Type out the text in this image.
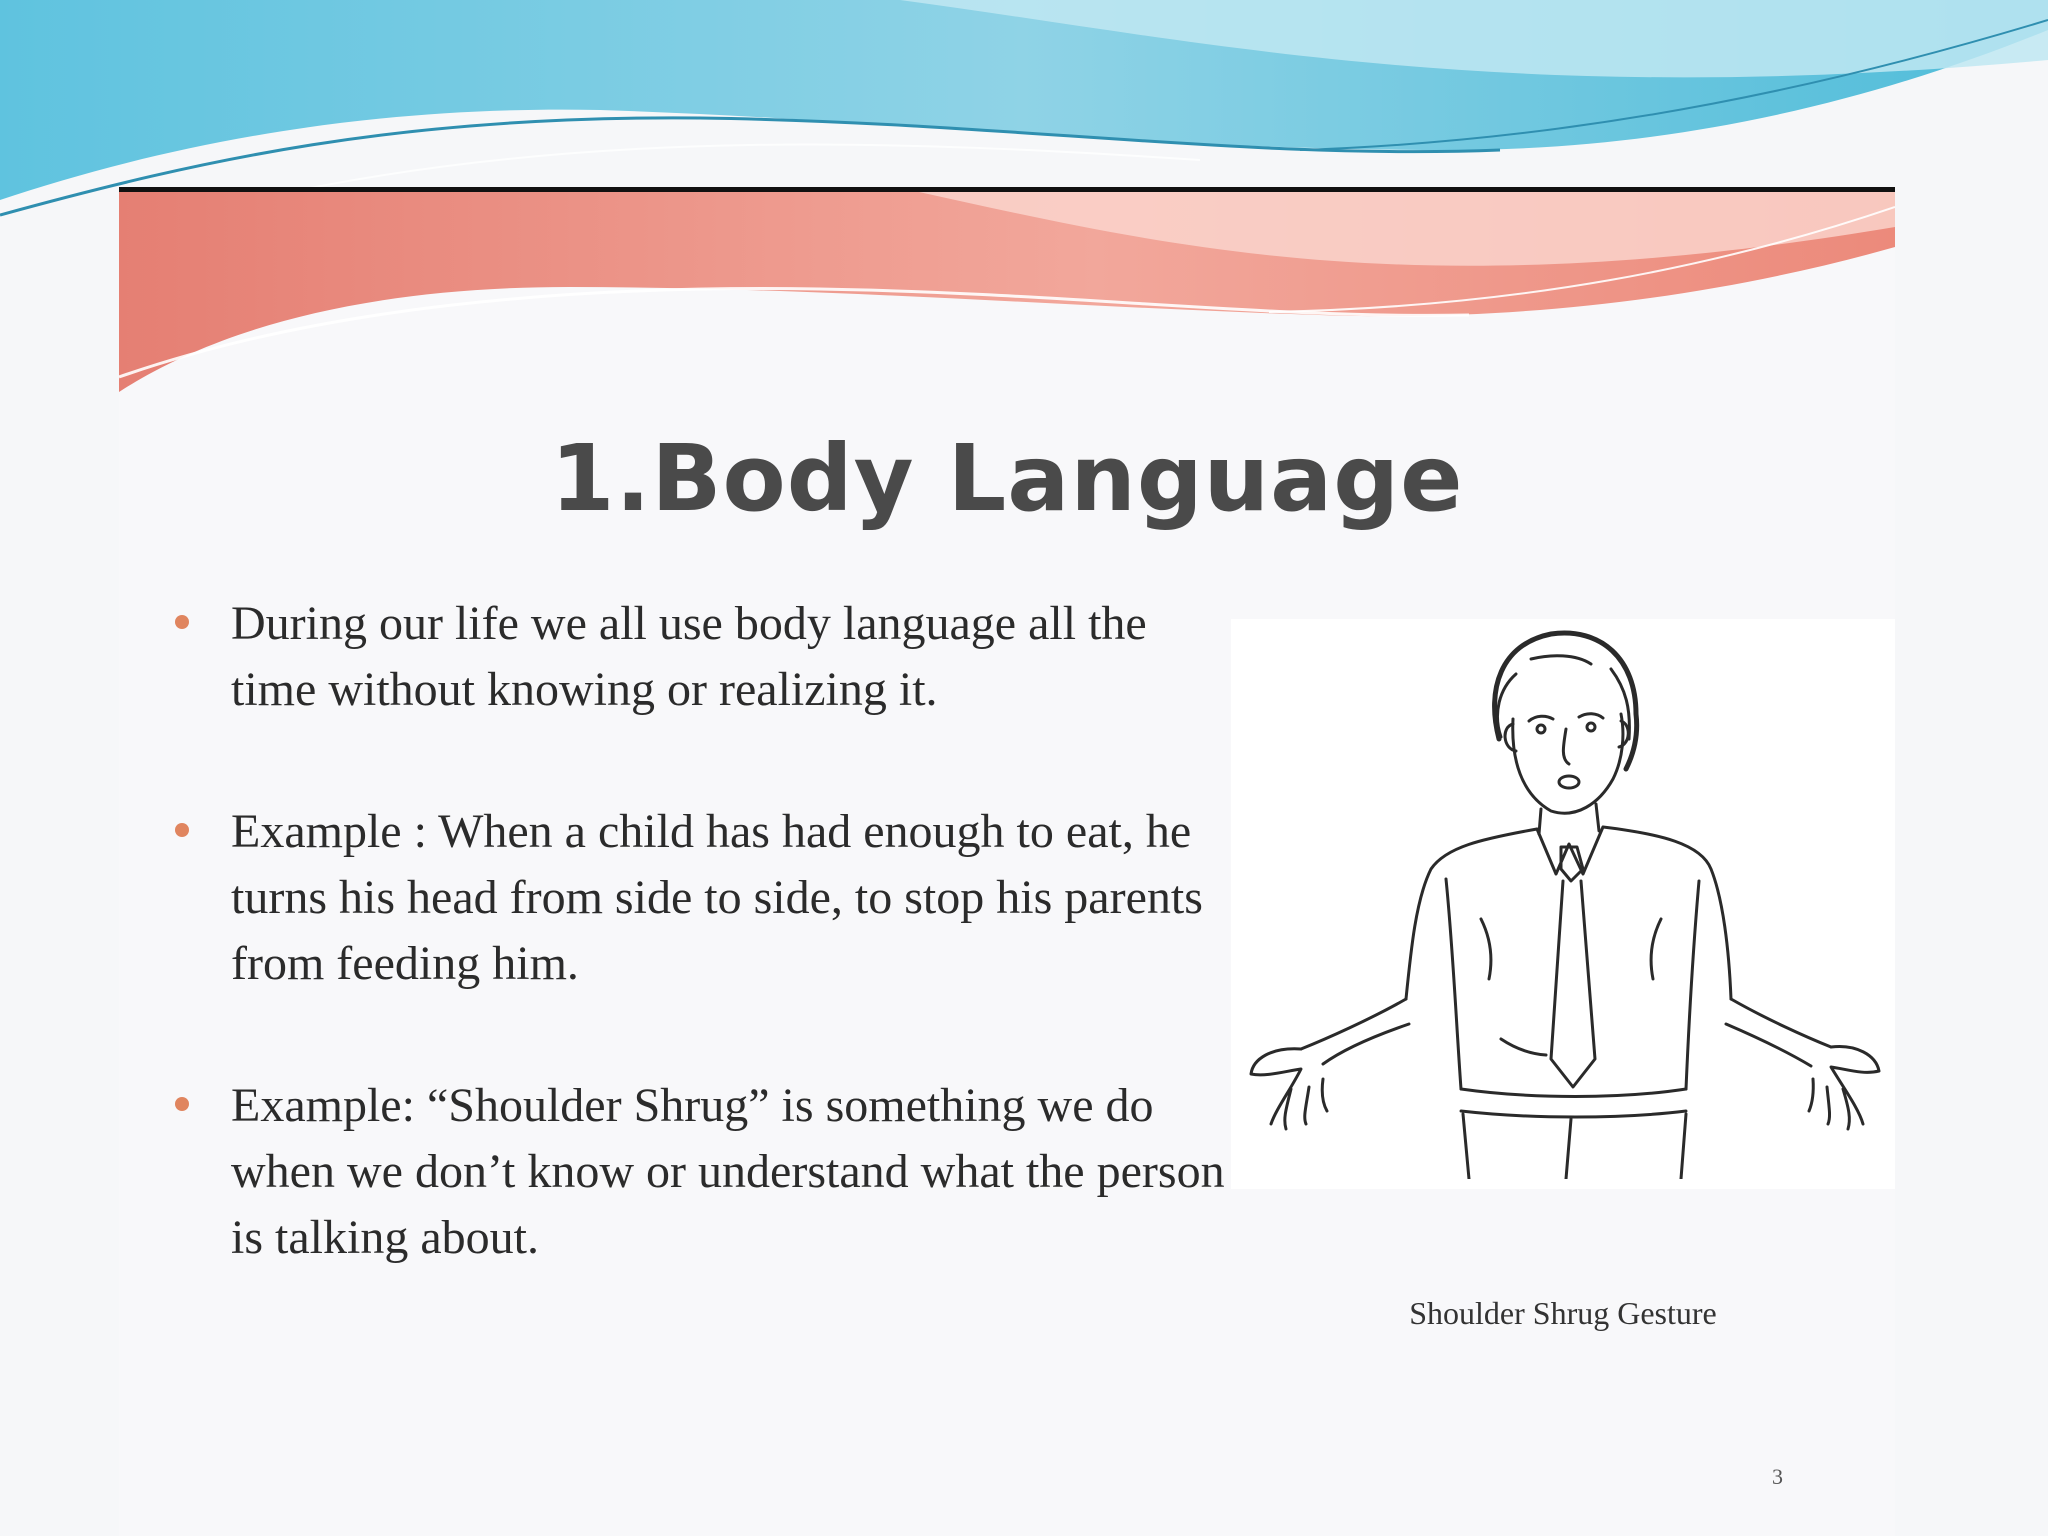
1.Body Language
During our life we all use body language all the time without knowing or realizing it.
Example : When a child has had enough to eat, he turns his head from side to side, to stop his parents from feeding him.
Example: “Shoulder Shrug” is something we do when we don’t know or understand what the person is talking about.

Shoulder Shrug Gesture

3
